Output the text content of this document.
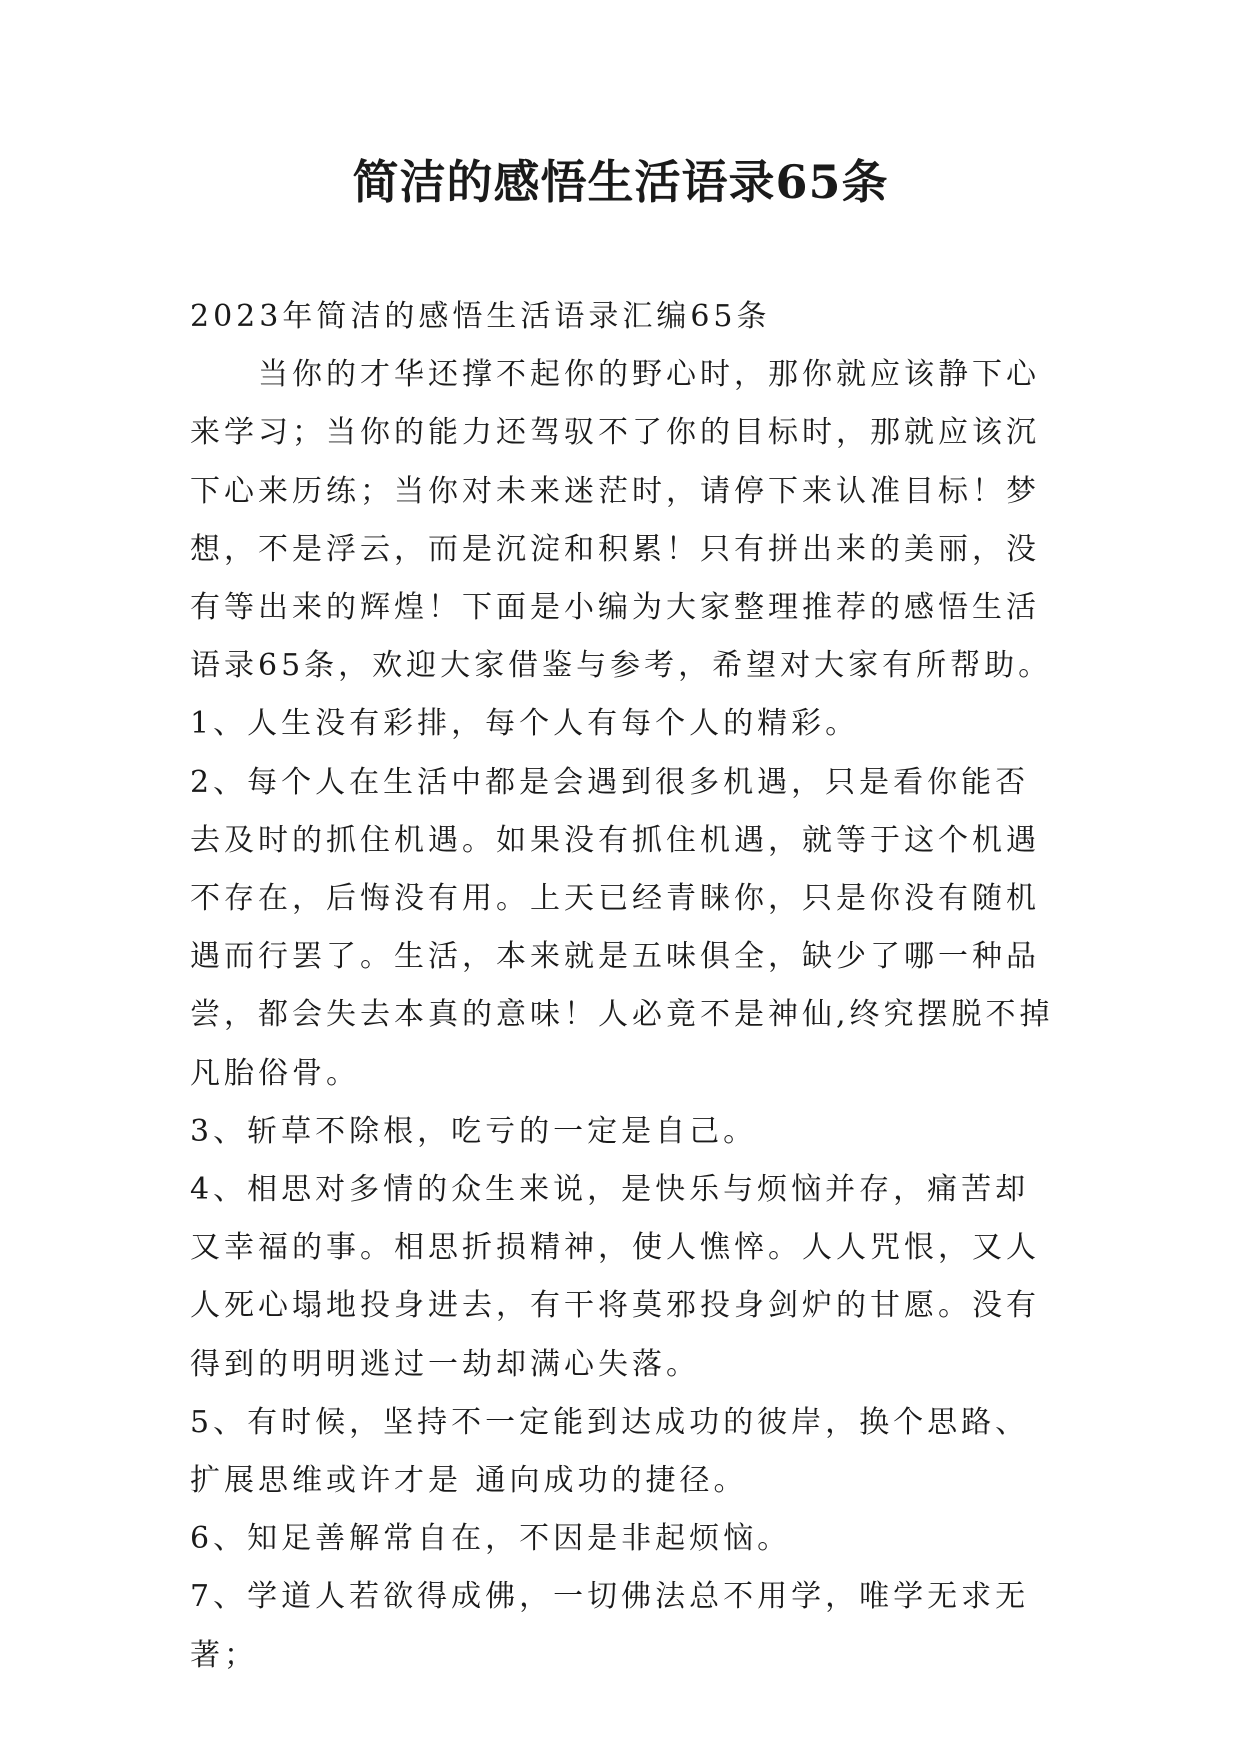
简洁的感悟生活语录65条

2023年简洁的感悟生活语录汇编65条

当你的才华还撑不起你的野心时，那你就应该静下心来学习；当你的能力还驾驭不了你的目标时，那就应该沉下心来历练；当你对未来迷茫时，请停下来认准目标！梦想，不是浮云，而是沉淀和积累！只有拼出来的美丽，没有等出来的辉煌！下面是小编为大家整理推荐的感悟生活语录65条，欢迎大家借鉴与参考，希望对大家有所帮助。

1、人生没有彩排，每个人有每个人的精彩。

2、每个人在生活中都是会遇到很多机遇，只是看你能否去及时的抓住机遇。如果没有抓住机遇，就等于这个机遇不存在，后悔没有用。上天已经青睐你，只是你没有随机遇而行罢了。生活，本来就是五味俱全，缺少了哪一种品尝，都会失去本真的意味！人必竟不是神仙,终究摆脱不掉凡胎俗骨。

3、斩草不除根，吃亏的一定是自己。

4、相思对多情的众生来说，是快乐与烦恼并存，痛苦却又幸福的事。相思折损精神，使人憔悴。人人咒恨，又人人死心塌地投身进去，有干将莫邪投身剑炉的甘愿。没有得到的明明逃过一劫却满心失落。

5、有时候，坚持不一定能到达成功的彼岸，换个思路、扩展思维或许才是 通向成功的捷径。

6、知足善解常自在，不因是非起烦恼。

7、学道人若欲得成佛，一切佛法总不用学，唯学无求无著；
